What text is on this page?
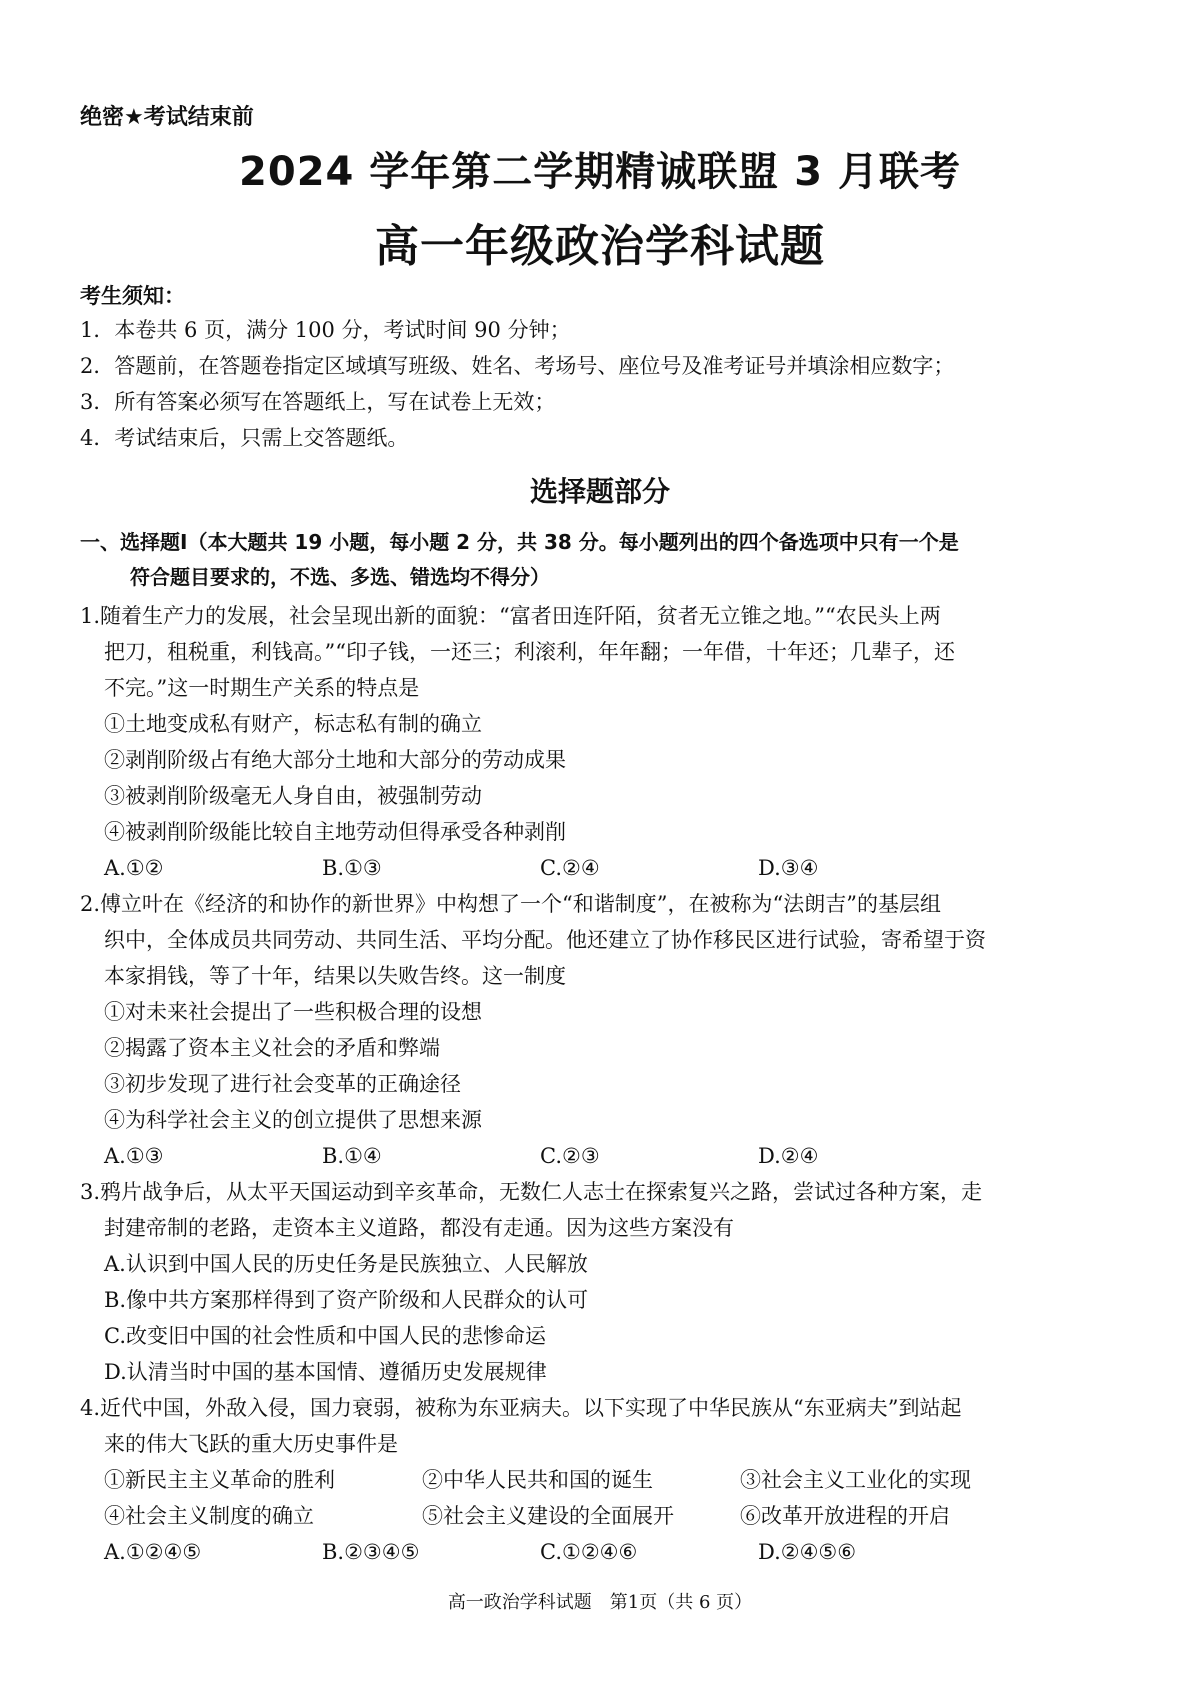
绝密★考试结束前
2024 学年第二学期精诚联盟 3 月联考
高一年级政治学科试题
考生须知：
1．本卷共 6 页，满分 100 分，考试时间 90 分钟；
2．答题前，在答题卷指定区域填写班级、姓名、考场号、座位号及准考证号并填涂相应数字；
3．所有答案必须写在答题纸上，写在试卷上无效；
4．考试结束后，只需上交答题纸。
选择题部分
一、选择题Ⅰ（本大题共 19 小题，每小题 2 分，共 38 分。每小题列出的四个备选项中只有一个是
符合题目要求的，不选、多选、错选均不得分）
1.随着生产力的发展，社会呈现出新的面貌：“富者田连阡陌，贫者无立锥之地。”“农民头上两
把刀，租税重，利钱高。”“印子钱，一还三；利滚利，年年翻；一年借，十年还；几辈子，还
不完。”这一时期生产关系的特点是
①土地变成私有财产，标志私有制的确立
②剥削阶级占有绝大部分土地和大部分的劳动成果
③被剥削阶级毫无人身自由，被强制劳动
④被剥削阶级能比较自主地劳动但得承受各种剥削
A.①②	B.①③	C.②④	D.③④
2.傅立叶在《经济的和协作的新世界》中构想了一个“和谐制度”，在被称为“法朗吉”的基层组
织中，全体成员共同劳动、共同生活、平均分配。他还建立了协作移民区进行试验，寄希望于资
本家捐钱，等了十年，结果以失败告终。这一制度
①对未来社会提出了一些积极合理的设想
②揭露了资本主义社会的矛盾和弊端
③初步发现了进行社会变革的正确途径
④为科学社会主义的创立提供了思想来源
A.①③	B.①④	C.②③	D.②④
3.鸦片战争后，从太平天国运动到辛亥革命，无数仁人志士在探索复兴之路，尝试过各种方案，走
封建帝制的老路，走资本主义道路，都没有走通。因为这些方案没有
A.认识到中国人民的历史任务是民族独立、人民解放
B.像中共方案那样得到了资产阶级和人民群众的认可
C.改变旧中国的社会性质和中国人民的悲惨命运
D.认清当时中国的基本国情、遵循历史发展规律
4.近代中国，外敌入侵，国力衰弱，被称为东亚病夫。以下实现了中华民族从“东亚病夫”到站起
来的伟大飞跃的重大历史事件是
①新民主主义革命的胜利	②中华人民共和国的诞生	③社会主义工业化的实现
④社会主义制度的确立	⑤社会主义建设的全面展开	⑥改革开放进程的开启
A.①②④⑤	B.②③④⑤	C.①②④⑥	D.②④⑤⑥
高一政治学科试题　第1页（共 6 页）
